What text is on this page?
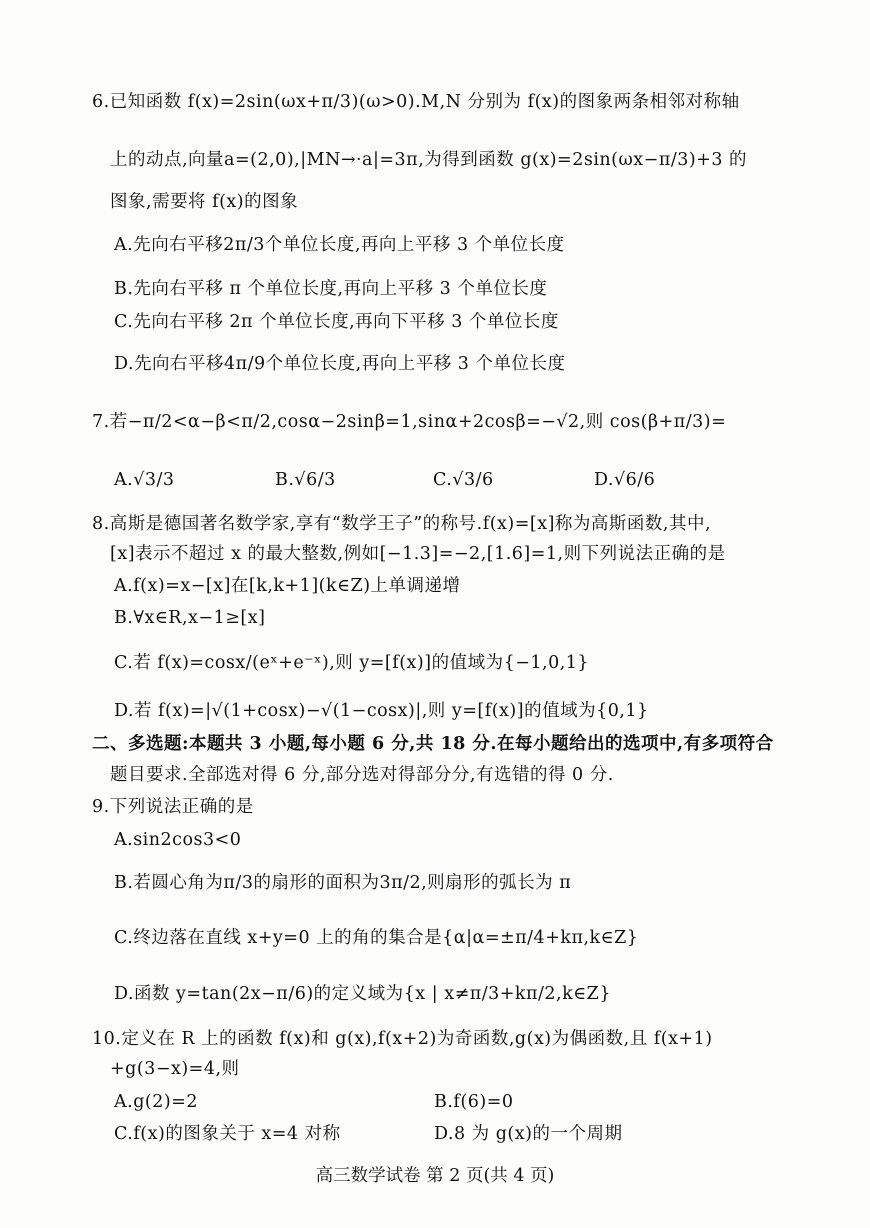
6.已知函数 f(x)=2sin(ωx+π/3)(ω>0).M,N 分别为 f(x)的图象两条相邻对称轴
上的动点,向量a=(2,0),|MN→·a|=3π,为得到函数 g(x)=2sin(ωx−π/3)+3 的
图象,需要将 f(x)的图象
A.先向右平移2π/3个单位长度,再向上平移 3 个单位长度
B.先向右平移 π 个单位长度,再向上平移 3 个单位长度
C.先向右平移 2π 个单位长度,再向下平移 3 个单位长度
D.先向右平移4π/9个单位长度,再向上平移 3 个单位长度
7.若−π/2<α−β<π/2,cosα−2sinβ=1,sinα+2cosβ=−√2,则 cos(β+π/3)=
A.√3/3	B.√6/3	C.√3/6	D.√6/6
8.高斯是德国著名数学家,享有“数学王子”的称号.f(x)=[x]称为高斯函数,其中,
[x]表示不超过 x 的最大整数,例如[−1.3]=−2,[1.6]=1,则下列说法正确的是
A.f(x)=x−[x]在[k,k+1](k∈Z)上单调递增
B.∀x∈R,x−1≥[x]
C.若 f(x)=cosx/(eˣ+e⁻ˣ),则 y=[f(x)]的值域为{−1,0,1}
D.若 f(x)=|√(1+cosx)−√(1−cosx)|,则 y=[f(x)]的值域为{0,1}
二、多选题:本题共 3 小题,每小题 6 分,共 18 分.在每小题给出的选项中,有多项符合
题目要求.全部选对得 6 分,部分选对得部分分,有选错的得 0 分.
9.下列说法正确的是
A.sin2cos3<0
B.若圆心角为π/3的扇形的面积为3π/2,则扇形的弧长为 π
C.终边落在直线 x+y=0 上的角的集合是{α|α=±π/4+kπ,k∈Z}
D.函数 y=tan(2x−π/6)的定义域为{x | x≠π/3+kπ/2,k∈Z}
10.定义在 R 上的函数 f(x)和 g(x),f(x+2)为奇函数,g(x)为偶函数,且 f(x+1)
+g(3−x)=4,则
A.g(2)=2	B.f(6)=0
C.f(x)的图象关于 x=4 对称	D.8 为 g(x)的一个周期
高三数学试卷 第 2 页(共 4 页)
